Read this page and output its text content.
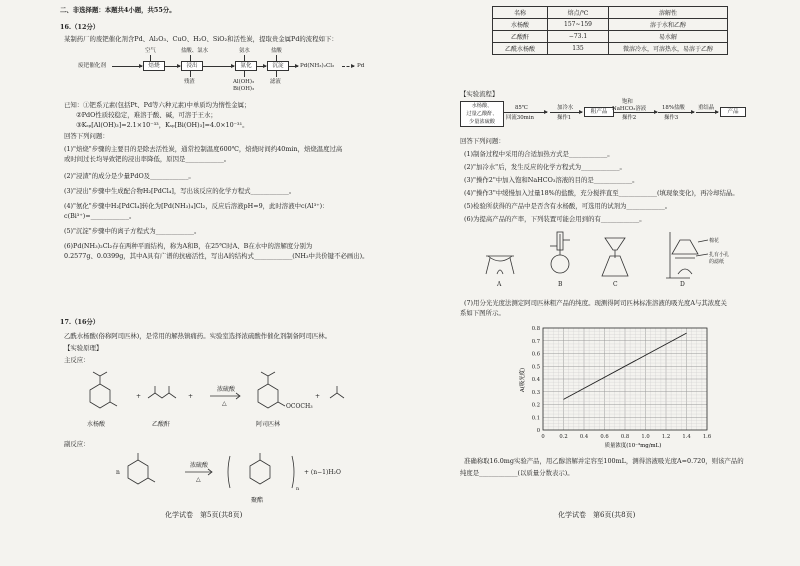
二、非选择题：本题共4小题，共55分。
16.（12分）
某制药厂的废钯催化剂含Pd、Al₂O₃、CuO、H₂O、SiO₂和活性炭，提取贵金属Pd的流程如下：
空气	盐酸、氯水	氨水	盐酸
废钯催化剂	焙烧	浸出	氨化	沉淀	Pd(NH₃)₂Cl₂	Pd
残渣	Al(OH)₃
Bi(OH)₃
滤液
已知：①钯系元素(包括Pt、Pd等六种元素)中单质均为惰性金属；
②PdO性质较稳定，难溶于酸、碱，可溶于王水；
③Kₛₚ[Al(OH)₃]=2.1×10⁻³³，Kₛₚ[Bi(OH)₃]=4.0×10⁻³¹。
回答下列问题：
(1)"焙烧"步骤的主要目的是除去活性炭，通常控制温度600℃，焙烧时间约40min，焙烧温度过高
或时间过长均导致钯的浸出率降低，原因是____________。
(2)"浸渣"的成分是少量PdO及____________。
(3)"浸出"步骤中生成配合物H₂[PdCl₄]，写出该反应的化学方程式____________。
(4)"氨化"步骤中H₂[PdCl₄]转化为[Pd(NH₃)₄]Cl₂，反应后溶液pH=9，此时溶液中c(Al³⁺)：
c(Bi³⁺)=____________。
(5)"沉淀"步骤中的离子方程式为____________。
(6)Pd(NH₃)₂Cl₂存在两种平面结构，称为A和B，在25℃时A、B在水中的溶解度分别为
0.2577g、0.0399g，其中A具有广谱的抗癌活性，写出A的结构式____________(NH₃中共价键不必画出)。
17.（16分）
乙酰水杨酸(俗称阿司匹林)，是常用的解热镇痛药。实验室选择浓硫酸作催化剂制备阿司匹林。
【实验原理】
主反应：
+	+	+
OCOCH₃
浓硫酸
△
水杨酸	乙酸酐	阿司匹林
副反应：
n
浓硫酸
△
n
+ (n−1)H₂O
聚酯
化学试卷　第5页(共8页)
名称	熔点/℃	溶解性
水杨酸	157~159	溶于水和乙醇
乙酸酐	−73.1	易水解
乙酰水杨酸	135	微溶冷水，可溶热水，易溶于乙醇
【实验流程】
水杨酸、
过量乙酸酐、
少量浓硫酸
85℃
回流30min
加冷水
操作1
粗产品
饱和
NaHCO₃溶液
操作2
18%盐酸
操作3
重结晶
产品
回答下列问题：
(1)制备过程中采用的合适加热方式是____________。
(2)"加冷水"后，发生反应的化学方程式为____________。
(3)"操作2"中加入饱和NaHCO₃溶液的目的是____________。
(4)"操作3"中缓慢加入过量18%的盐酸，充分搅拌直至____________(填现象变化)，再冷却结晶。
(5)检验所获得的产品中是否含有水杨酸，可选用的试剂为____________。
(6)为提高产品的产率，下列装置可能会用到的有____________。
A	B	C	D
棉花
扎有小孔
的滤纸
(7)用分光光度法测定阿司匹林粗产品的纯度。现测得阿司匹林标准溶液的吸光度A与其浓度关
系如下图所示。
0	0.2 0.4 0.6 0.8 1.0 1.2 1.4 1.6
0
0.1
0.2
0.3
0.4
0.5
0.6
0.7
0.8
质量浓度(10⁻³mg/mL)
A(吸光度)
准确称取16.0mg实验产品，用乙醇溶解并定容至100mL，测得溶液吸光度A=0.720，则该产品的
纯度是____________(以质量分数表示)。
化学试卷　第6页(共8页)
